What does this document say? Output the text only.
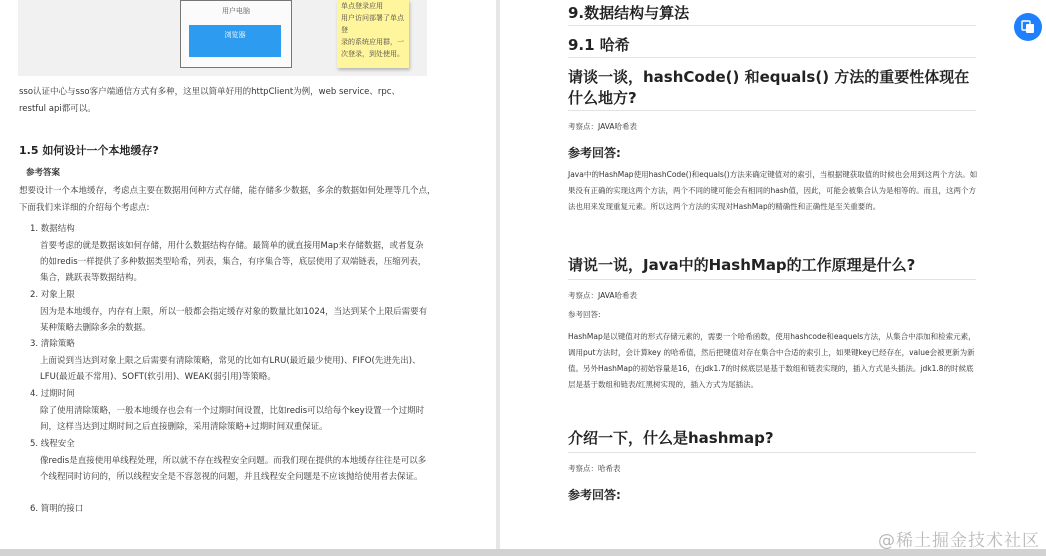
用户电脑
浏览器
单点登录应用
用户访问部署了单点登
录的系统应用群，一
次登录，到处使用。

sso认证中心与sso客户端通信方式有多种，这里以简单好用的httpClient为例，web service、rpc、restful api都可以。

1.5 如何设计一个本地缓存?
参考答案

想要设计一个本地缓存，考虑点主要在数据用何种方式存储，能存储多少数据，多余的数据如何处理等几个点，下面我们来详细的介绍每个考虑点:

1. 数据结构

首要考虑的就是数据该如何存储，用什么数据结构存储。最简单的就直接用Map来存储数据，或者复杂的如redis一样提供了多种数据类型哈希，列表，集合，有序集合等，底层使用了双端链表，压缩列表，集合，跳跃表等数据结构。

2. 对象上限

因为是本地缓存，内存有上限，所以一般都会指定缓存对象的数量比如1024，当达到某个上限后需要有某种策略去删除多余的数据。

3. 清除策略

上面说到当达到对象上限之后需要有清除策略，常见的比如有LRU(最近最少使用)、FIFO(先进先出)、LFU(最近最不常用)、SOFT(软引用)、WEAK(弱引用)等策略。

4. 过期时间

除了使用清除策略，一般本地缓存也会有一个过期时间设置，比如redis可以给每个key设置一个过期时间，这样当达到过期时间之后直接删除，采用清除策略+过期时间双重保证。

5. 线程安全

像redis是直接使用单线程处理，所以就不存在线程安全问题。而我们现在提供的本地缓存往往是可以多个线程同时访问的，所以线程安全是不容忽视的问题，并且线程安全问题是不应该抛给使用者去保证。

6. 简明的接口
9.数据结构与算法
9.1 哈希
请谈一谈，hashCode() 和equals() 方法的重要性体现在什么地方?
考察点：JAVA哈希表
参考回答:

Java中的HashMap使用hashCode()和equals()方法来确定键值对的索引，当根据键获取值的时候也会用到这两个方法。如果没有正确的实现这两个方法，两个不同的键可能会有相同的hash值，因此，可能会被集合认为是相等的。而且，这两个方法也用来发现重复元素。所以这两个方法的实现对HashMap的精确性和正确性是至关重要的。

请说一说，Java中的HashMap的工作原理是什么?
考察点：JAVA哈希表
参考回答:

HashMap是以键值对的形式存储元素的，需要一个哈希函数，使用hashcode和eaquels方法，从集合中添加和检索元素，调用put方法时，会计算key 的哈希值，然后把键值对存在集合中合适的索引上，如果键key已经存在，value会被更新为新值。另外HashMap的初始容量是16，在jdk1.7的时候底层是基于数组和链表实现的，插入方式是头插法。jdk1.8的时候底层是基于数组和链表/红黑树实现的，插入方式为尾插法。

介绍一下，什么是hashmap?
考察点：哈希表
参考回答:
@稀土掘金技术社区
